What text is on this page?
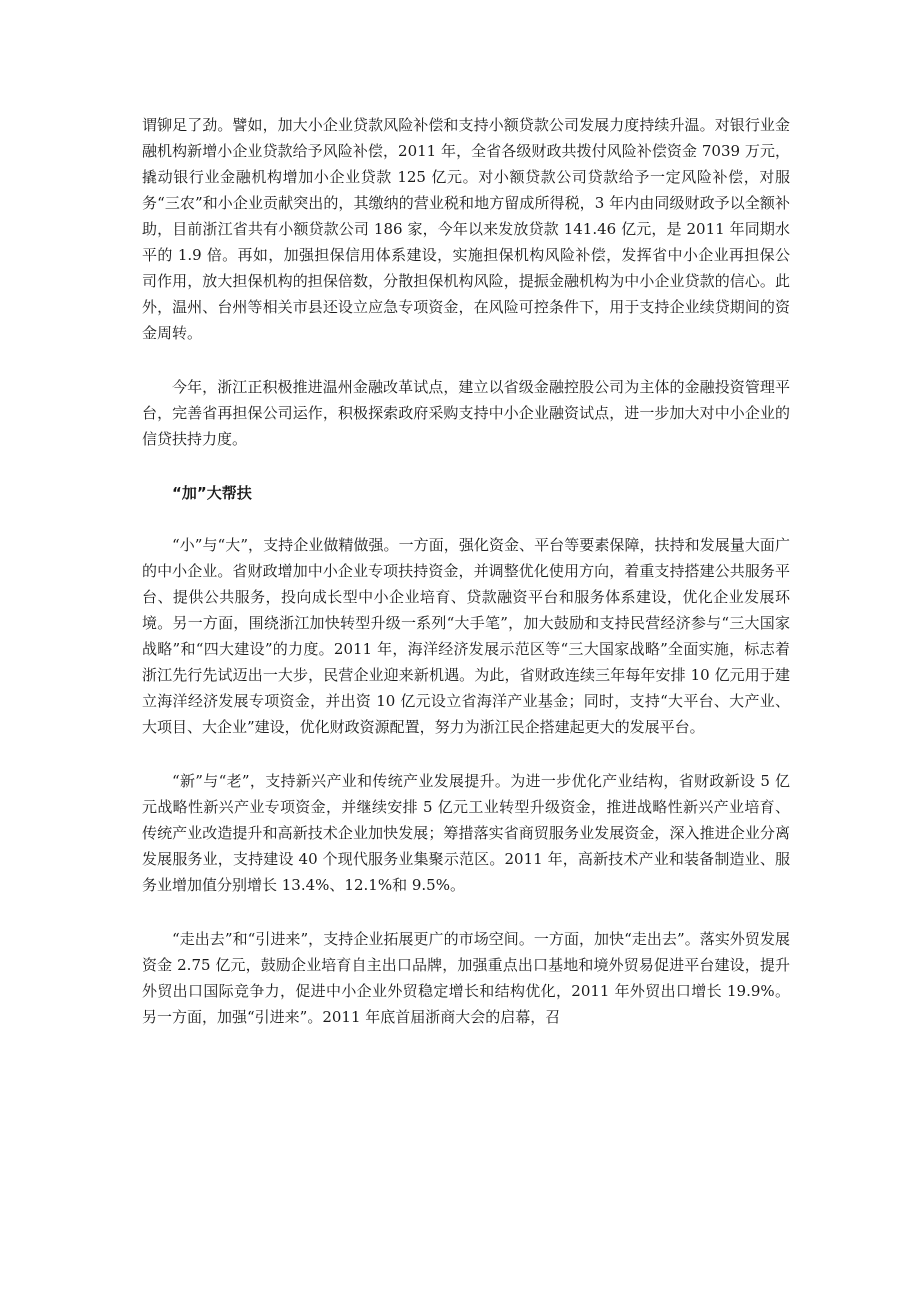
谓铆足了劲。譬如，加大小企业贷款风险补偿和支持小额贷款公司发展力度持续升温。对银行业金融机构新增小企业贷款给予风险补偿，2011 年，全省各级财政共拨付风险补偿资金 7039 万元，撬动银行业金融机构增加小企业贷款 125 亿元。对小额贷款公司贷款给予一定风险补偿，对服务“三农”和小企业贡献突出的，其缴纳的营业税和地方留成所得税，3 年内由同级财政予以全额补助，目前浙江省共有小额贷款公司 186 家，今年以来发放贷款 141.46 亿元，是 2011 年同期水平的 1.9 倍。再如，加强担保信用体系建设，实施担保机构风险补偿，发挥省中小企业再担保公司作用，放大担保机构的担保倍数，分散担保机构风险，提振金融机构为中小企业贷款的信心。此外，温州、台州等相关市县还设立应急专项资金，在风险可控条件下，用于支持企业续贷期间的资金周转。

今年，浙江正积极推进温州金融改革试点，建立以省级金融控股公司为主体的金融投资管理平台，完善省再担保公司运作，积极探索政府采购支持中小企业融资试点，进一步加大对中小企业的信贷扶持力度。

“加”大帮扶

“小”与“大”，支持企业做精做强。一方面，强化资金、平台等要素保障，扶持和发展量大面广的中小企业。省财政增加中小企业专项扶持资金，并调整优化使用方向，着重支持搭建公共服务平台、提供公共服务，投向成长型中小企业培育、贷款融资平台和服务体系建设，优化企业发展环境。另一方面，围绕浙江加快转型升级一系列“大手笔”，加大鼓励和支持民营经济参与“三大国家战略”和“四大建设”的力度。2011 年，海洋经济发展示范区等“三大国家战略”全面实施，标志着浙江先行先试迈出一大步，民营企业迎来新机遇。为此，省财政连续三年每年安排 10 亿元用于建立海洋经济发展专项资金，并出资 10 亿元设立省海洋产业基金；同时，支持“大平台、大产业、大项目、大企业”建设，优化财政资源配置，努力为浙江民企搭建起更大的发展平台。

“新”与“老”，支持新兴产业和传统产业发展提升。为进一步优化产业结构，省财政新设 5 亿元战略性新兴产业专项资金，并继续安排 5 亿元工业转型升级资金，推进战略性新兴产业培育、传统产业改造提升和高新技术企业加快发展；筹措落实省商贸服务业发展资金，深入推进企业分离发展服务业，支持建设 40 个现代服务业集聚示范区。2011 年，高新技术产业和装备制造业、服务业增加值分别增长 13.4%、12.1%和 9.5%。

“走出去”和“引进来”，支持企业拓展更广的市场空间。一方面，加快“走出去”。落实外贸发展资金 2.75 亿元，鼓励企业培育自主出口品牌，加强重点出口基地和境外贸易促进平台建设，提升外贸出口国际竞争力，促进中小企业外贸稳定增长和结构优化，2011 年外贸出口增长 19.9%。另一方面，加强“引进来”。2011 年底首届浙商大会的启幕，召
